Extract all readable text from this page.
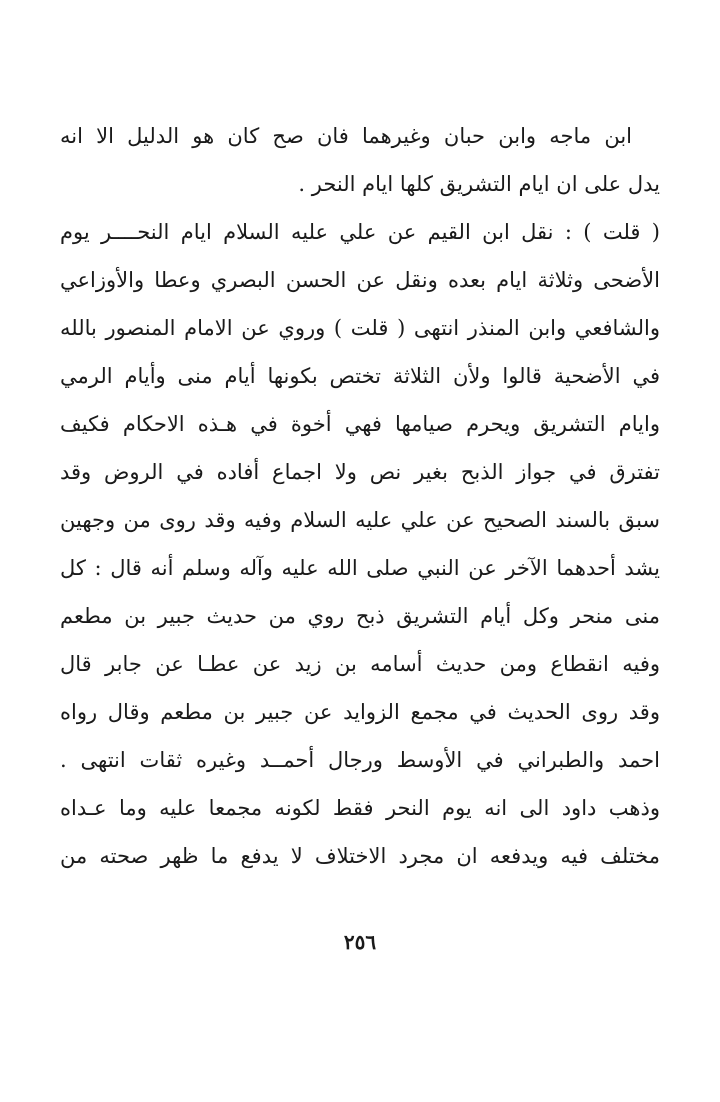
ابن ماجه وابن حبان وغيرهما فان صح كان هو الدليل الا انه
يدل على ان ايام التشريق كلها ايام النحر .
( قلت ) : نقل ابن القيم عن علي عليه السلام ايام النحــــر يوم
الأضحى وثلاثة ايام بعده ونقل عن الحسن البصري وعطا والأوزاعي
والشافعي وابن المنذر انتهى ( قلت ) وروي عن الامام المنصور بالله
في الأضحية قالوا ولأن الثلاثة تختص بكونها أيام منى وأيام الرمي
وايام التشريق ويحرم صيامها فهي أخوة في هـذه الاحكام فكيف
تفترق في جواز الذبح بغير نص ولا اجماع أفاده في الروض وقد
سبق بالسند الصحيح عن علي عليه السلام وفيه وقد روى من وجهين
يشد أحدهما الآخر عن النبي صلى الله عليه وآله وسلم أنه قال : كل
منى منحر وكل أيام التشريق ذبح روي من حديث جبير بن مطعم
وفيه انقطاع ومن حديث أسامه بن زيد عن عطـا عن جابر قال
وقد روى الحديث في مجمع الزوايد عن جبير بن مطعم وقال رواه
احمد والطبراني في الأوسط ورجال أحمــد وغيره ثقات انتهى .
وذهب داود الى انه يوم النحر فقط لكونه مجمعا عليه وما عـداه
مختلف فيه ويدفعه ان مجرد الاختلاف لا يدفع ما ظهر صحته من
٢٥٦
